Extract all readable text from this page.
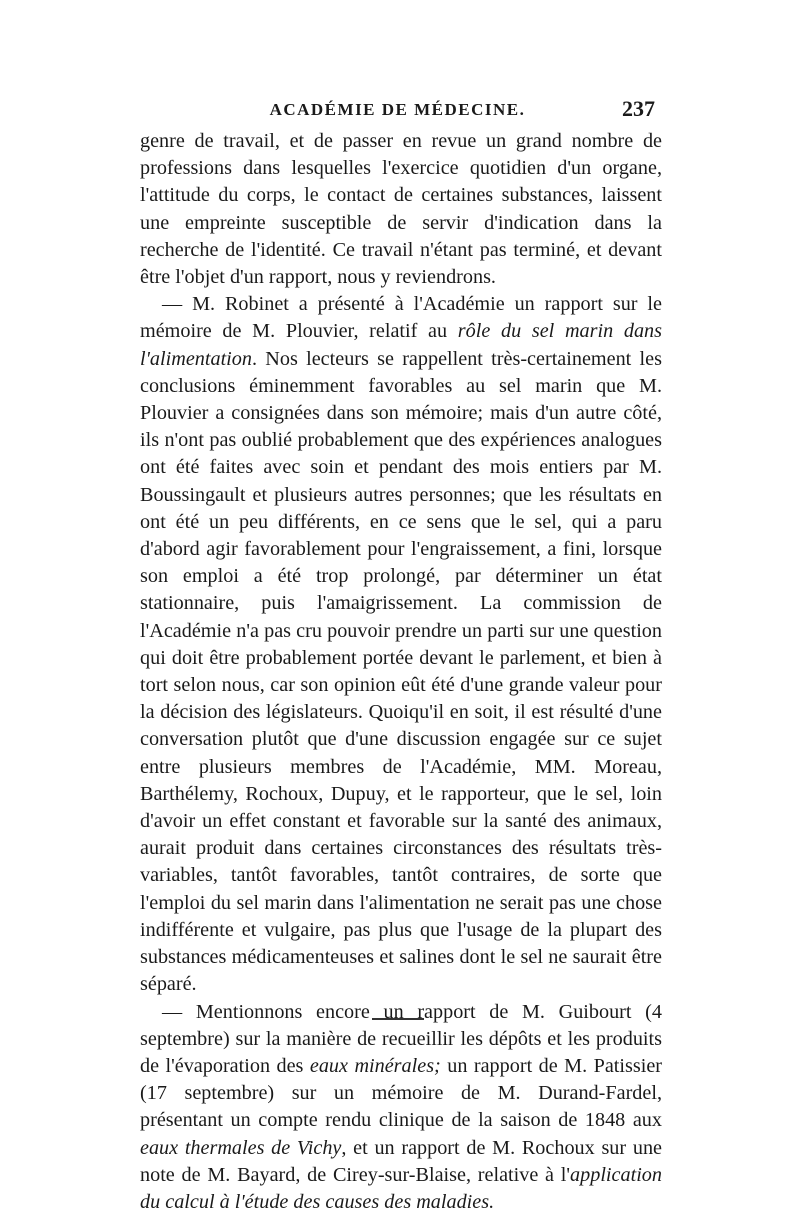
ACADÉMIE DE MÉDECINE.	237

genre de travail, et de passer en revue un grand nombre de professions dans lesquelles l'exercice quotidien d'un organe, l'attitude du corps, le contact de certaines substances, laissent une empreinte susceptible de servir d'indication dans la recherche de l'identité. Ce travail n'étant pas terminé, et devant être l'objet d'un rapport, nous y reviendrons.

— M. Robinet a présenté à l'Académie un rapport sur le mémoire de M. Plouvier, relatif au rôle du sel marin dans l'alimentation. Nos lecteurs se rappellent très-certainement les conclusions éminemment favorables au sel marin que M. Plouvier a consignées dans son mémoire; mais d'un autre côté, ils n'ont pas oublié probablement que des expériences analogues ont été faites avec soin et pendant des mois entiers par M. Boussingault et plusieurs autres personnes; que les résultats en ont été un peu différents, en ce sens que le sel, qui a paru d'abord agir favorablement pour l'engraissement, a fini, lorsque son emploi a été trop prolongé, par déterminer un état stationnaire, puis l'amaigrissement. La commission de l'Académie n'a pas cru pouvoir prendre un parti sur une question qui doit être probablement portée devant le parlement, et bien à tort selon nous, car son opinion eût été d'une grande valeur pour la décision des législateurs. Quoiqu'il en soit, il est résulté d'une conversation plutôt que d'une discussion engagée sur ce sujet entre plusieurs membres de l'Académie, MM. Moreau, Barthélemy, Rochoux, Dupuy, et le rapporteur, que le sel, loin d'avoir un effet constant et favorable sur la santé des animaux, aurait produit dans certaines circonstances des résultats très-variables, tantôt favorables, tantôt contraires, de sorte que l'emploi du sel marin dans l'alimentation ne serait pas une chose indifférente et vulgaire, pas plus que l'usage de la plupart des substances médicamenteuses et salines dont le sel ne saurait être séparé.

— Mentionnons encore un rapport de M. Guibourt (4 septembre) sur la manière de recueillir les dépôts et les produits de l'évaporation des eaux minérales; un rapport de M. Patissier (17 septembre) sur un mémoire de M. Durand-Fardel, présentant un compte rendu clinique de la saison de 1848 aux eaux thermales de Vichy, et un rapport de M. Rochoux sur une note de M. Bayard, de Cirey-sur-Blaise, relative à l'application du calcul à l'étude des causes des maladies.
